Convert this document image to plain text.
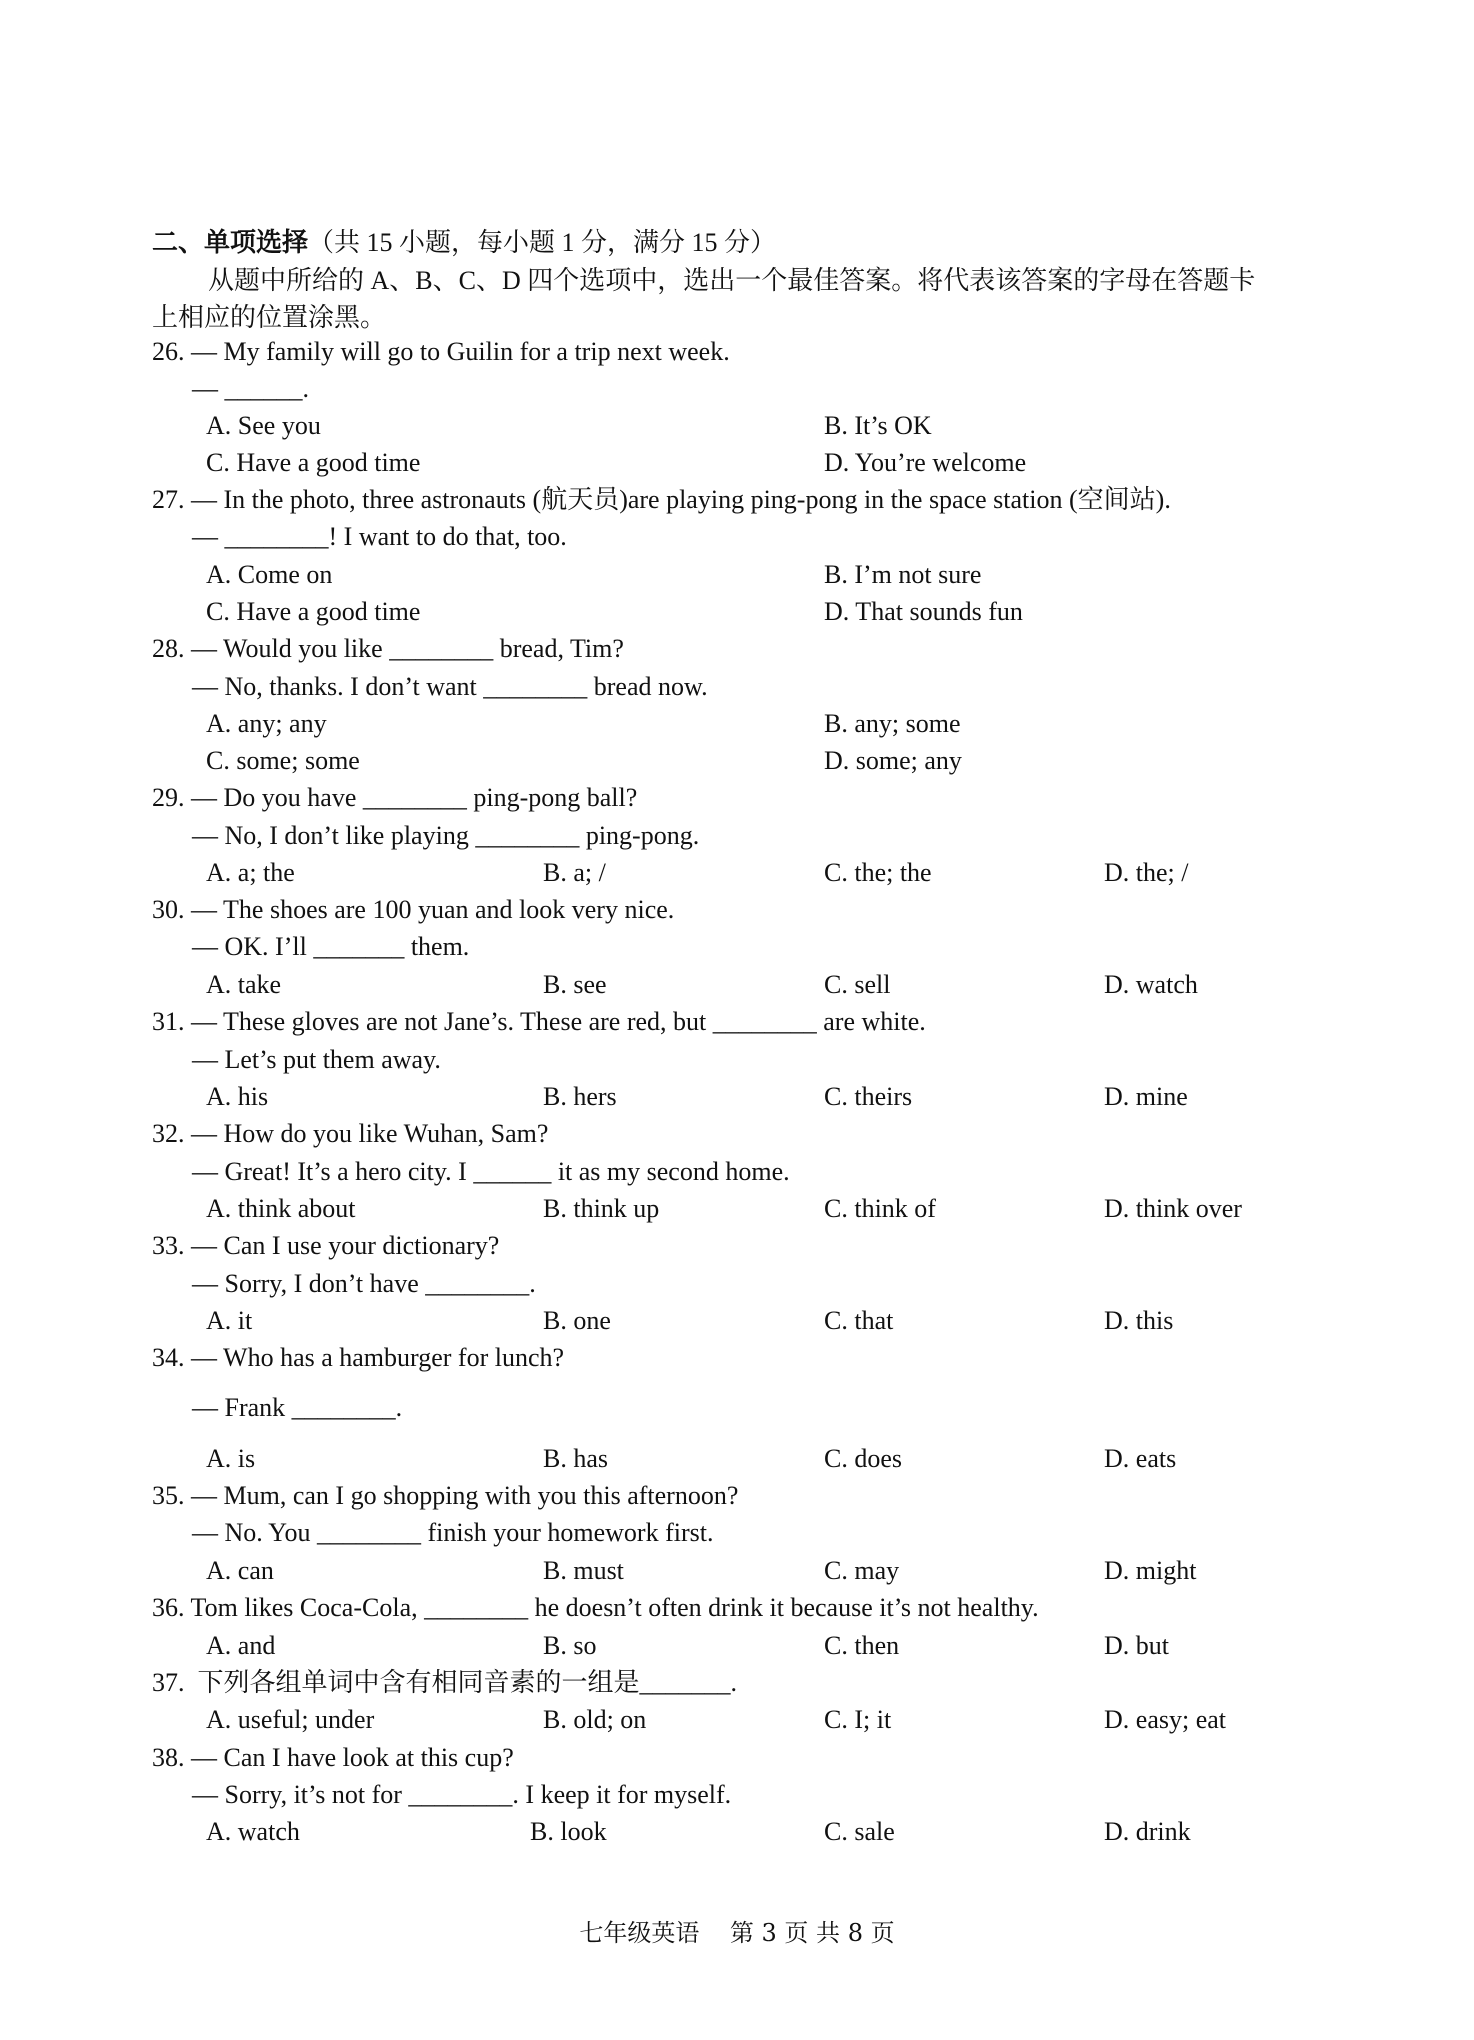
二、单项选择（共 15 小题，每小题 1 分，满分 15 分）
从题中所给的 A、B、C、D 四个选项中，选出一个最佳答案。将代表该答案的字母在答题卡上相应的位置涂黑。
26. — My family will go to Guilin for a trip next week.
— ______.
A. See you	B. It’s OK
C. Have a good time	D. You’re welcome
27. — In the photo, three astronauts (航天员)are playing ping-pong in the space station (空间站).
— ________! I want to do that, too.
A. Come on	B. I’m not sure
C. Have a good time	D. That sounds fun
28. — Would you like ________ bread, Tim?
— No, thanks. I don’t want ________ bread now.
A. any; any	B. any; some
C. some; some	D. some; any
29. — Do you have ________ ping-pong ball?
— No, I don’t like playing ________ ping-pong.
A. a; the	B. a; /	C. the; the	D. the; /
30. — The shoes are 100 yuan and look very nice.
— OK. I’ll _______ them.
A. take	B. see	C. sell	D. watch
31. — These gloves are not Jane’s. These are red, but ________ are white.
— Let’s put them away.
A. his	B. hers	C. theirs	D. mine
32. — How do you like Wuhan, Sam?
— Great! It’s a hero city. I ______ it as my second home.
A. think about	B. think up	C. think of	D. think over
33. — Can I use your dictionary?
— Sorry, I don’t have ________.
A. it	B. one	C. that	D. this
34. — Who has a hamburger for lunch?
— Frank ________.
A. is	B. has	C. does	D. eats
35. — Mum, can I go shopping with you this afternoon?
— No. You ________ finish your homework first.
A. can	B. must	C. may	D. might
36. Tom likes Coca-Cola, ________ he doesn’t often drink it because it’s not healthy.
A. and	B. so	C. then	D. but
37.  下列各组单词中含有相同音素的一组是_______.
A. useful; under	B. old; on	C. I; it	D. easy; eat
38. — Can I have look at this cup?
— Sorry, it’s not for ________. I keep it for myself.
A. watch	B. look	C. sale	D. drink
七年级英语    第 3 页 共 8 页
